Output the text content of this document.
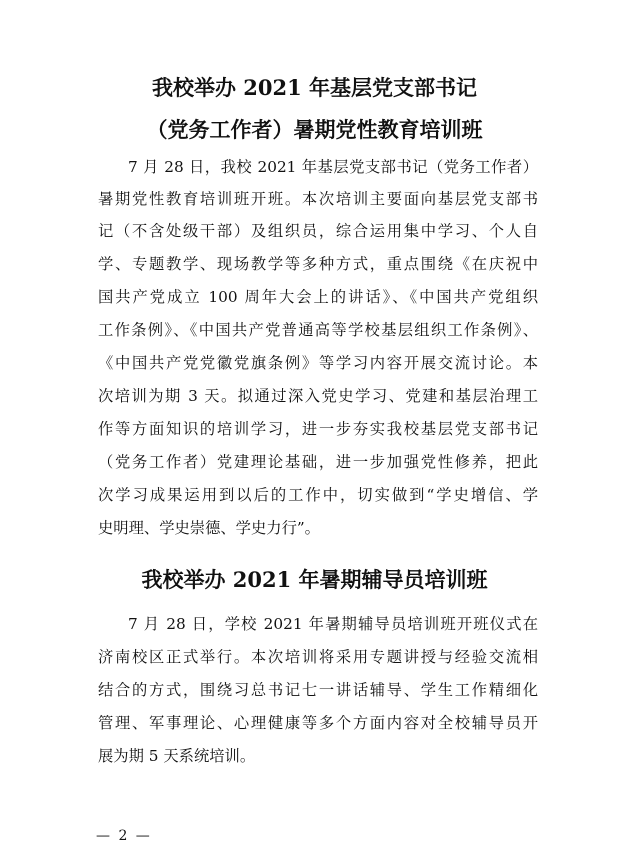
我校举办 2021 年基层党支部书记
（党务工作者）暑期党性教育培训班

7 月 28 日，我校 2021 年基层党支部书记（党务工作者）

暑期党性教育培训班开班。本次培训主要面向基层党支部书

记（不含处级干部）及组织员，综合运用集中学习、个人自

学、专题教学、现场教学等多种方式，重点围绕《在庆祝中

国共产党成立 100 周年大会上的讲话》、《中国共产党组织

工作条例》、《中国共产党普通高等学校基层组织工作条例》、

《中国共产党党徽党旗条例》等学习内容开展交流讨论。本

次培训为期 3 天。拟通过深入党史学习、党建和基层治理工

作等方面知识的培训学习，进一步夯实我校基层党支部书记

（党务工作者）党建理论基础，进一步加强党性修养，把此

次学习成果运用到以后的工作中，切实做到“学史增信、学

史明理、学史崇德、学史力行”。

我校举办 2021 年暑期辅导员培训班

7 月 28 日，学校 2021 年暑期辅导员培训班开班仪式在

济南校区正式举行。本次培训将采用专题讲授与经验交流相

结合的方式，围绕习总书记七一讲话辅导、学生工作精细化

管理、军事理论、心理健康等多个方面内容对全校辅导员开

展为期 5 天系统培训。

— 2 —
